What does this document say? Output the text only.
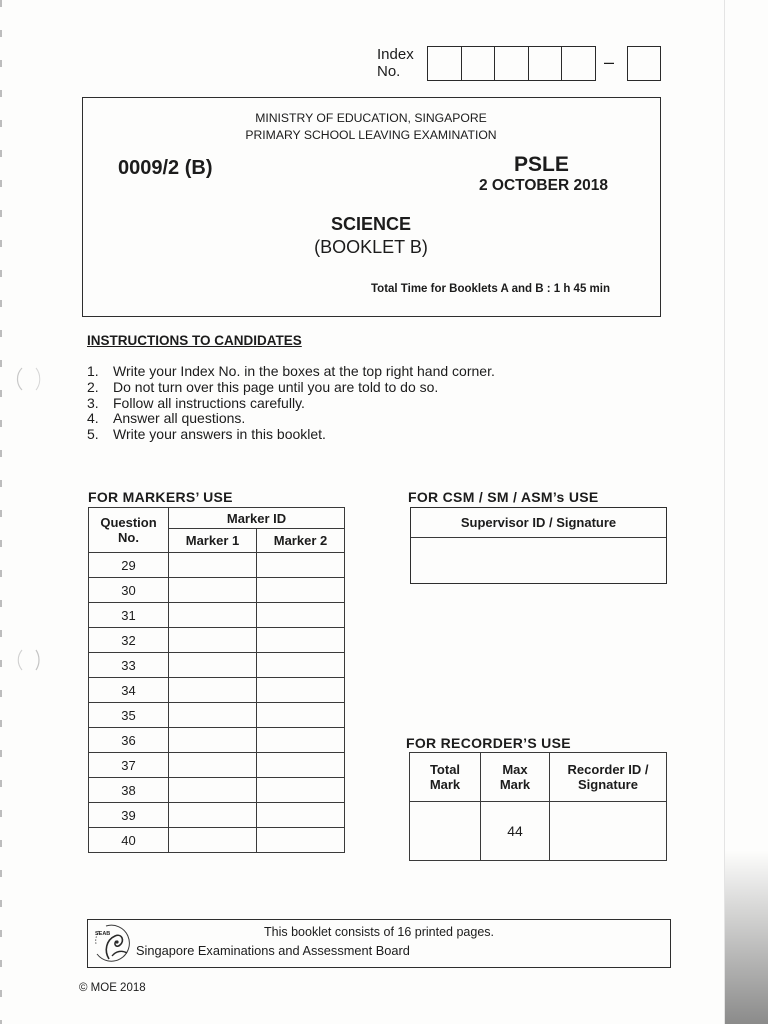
Index
No.	–
MINISTRY OF EDUCATION, SINGAPORE
PRIMARY SCHOOL LEAVING EXAMINATION
0009/2 (B)	PSLE
2 OCTOBER 2018
SCIENCE
(BOOKLET B)
Total Time for Booklets A and B : 1 h 45 min
INSTRUCTIONS TO CANDIDATES
1. Write your Index No. in the boxes at the top right hand corner.
2. Do not turn over this page until you are told to do so.
3. Follow all instructions carefully.
4. Answer all questions.
5. Write your answers in this booklet.
FOR MARKERS’ USE
Question No.	Marker ID	
	Marker 1	Marker 2
29		
30		
31		
32		
33		
34		
35		
36		
37		
38		
39		
40		
FOR CSM / SM / ASM’s USE
Supervisor ID / Signature
FOR RECORDER’S USE
Total Mark	Max Mark	Recorder ID / Signature
	44	
SEAB	This booklet consists of 16 printed pages.
Singapore Examinations and Assessment Board
© MOE 2018
